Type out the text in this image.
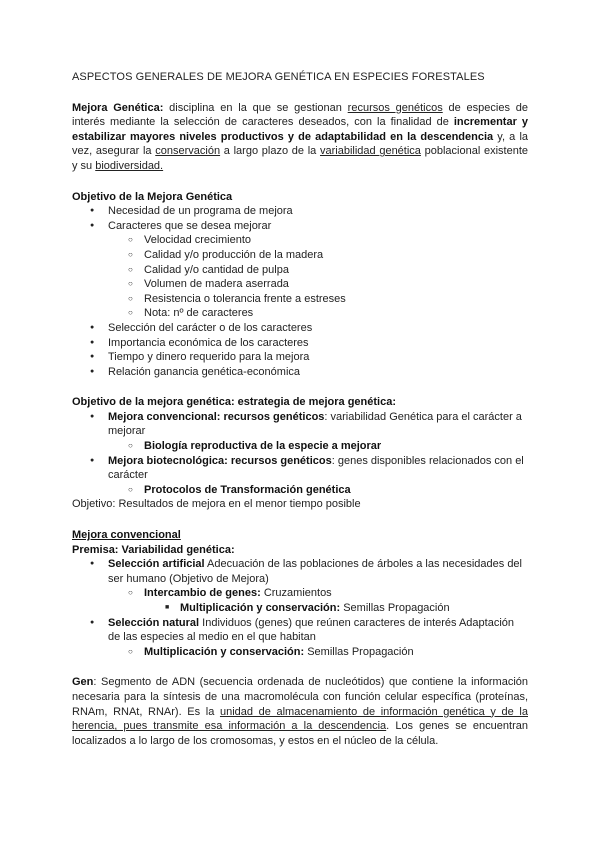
ASPECTOS GENERALES DE MEJORA GENÉTICA EN ESPECIES FORESTALES

Mejora Genética: disciplina en la que se gestionan recursos genéticos de especies de interés mediante la selección de caracteres deseados, con la finalidad de incrementar y estabilizar mayores niveles productivos y de adaptabilidad en la descendencia y, a la vez, asegurar la conservación a largo plazo de la variabilidad genética poblacional existente y su biodiversidad.

Objetivo de la Mejora Genética

● Necesidad de un programa de mejora
● Caracteres que se desea mejorar
○ Velocidad crecimiento
○ Calidad y/o producción de la madera
○ Calidad y/o cantidad de pulpa
○ Volumen de madera aserrada
○ Resistencia o tolerancia frente a estreses
○ Nota: nº de caracteres
● Selección del carácter o de los caracteres
● Importancia económica de los caracteres
● Tiempo y dinero requerido para la mejora
● Relación ganancia genética-económica

Objetivo de la mejora genética: estrategia de mejora genética:

● Mejora convencional: recursos genéticos: variabilidad Genética para el carácter a mejorar
○ Biología reproductiva de la especie a mejorar
● Mejora biotecnológica: recursos genéticos: genes disponibles relacionados con el carácter
○ Protocolos de Transformación genética

Objetivo: Resultados de mejora en el menor tiempo posible

Mejora convencional

Premisa: Variabilidad genética:

● Selección artificial Adecuación de las poblaciones de árboles a las necesidades del ser humano (Objetivo de Mejora)
○ Intercambio de genes: Cruzamientos
■ Multiplicación y conservación: Semillas Propagación
● Selección natural Individuos (genes) que reúnen caracteres de interés Adaptación de las especies al medio en el que habitan
○ Multiplicación y conservación: Semillas Propagación

Gen: Segmento de ADN (secuencia ordenada de nucleótidos) que contiene la información necesaria para la síntesis de una macromolécula con función celular específica (proteínas, RNAm, RNAt, RNAr). Es la unidad de almacenamiento de información genética y de la herencia, pues transmite esa información a la descendencia. Los genes se encuentran localizados a lo largo de los cromosomas, y estos en el núcleo de la célula.
